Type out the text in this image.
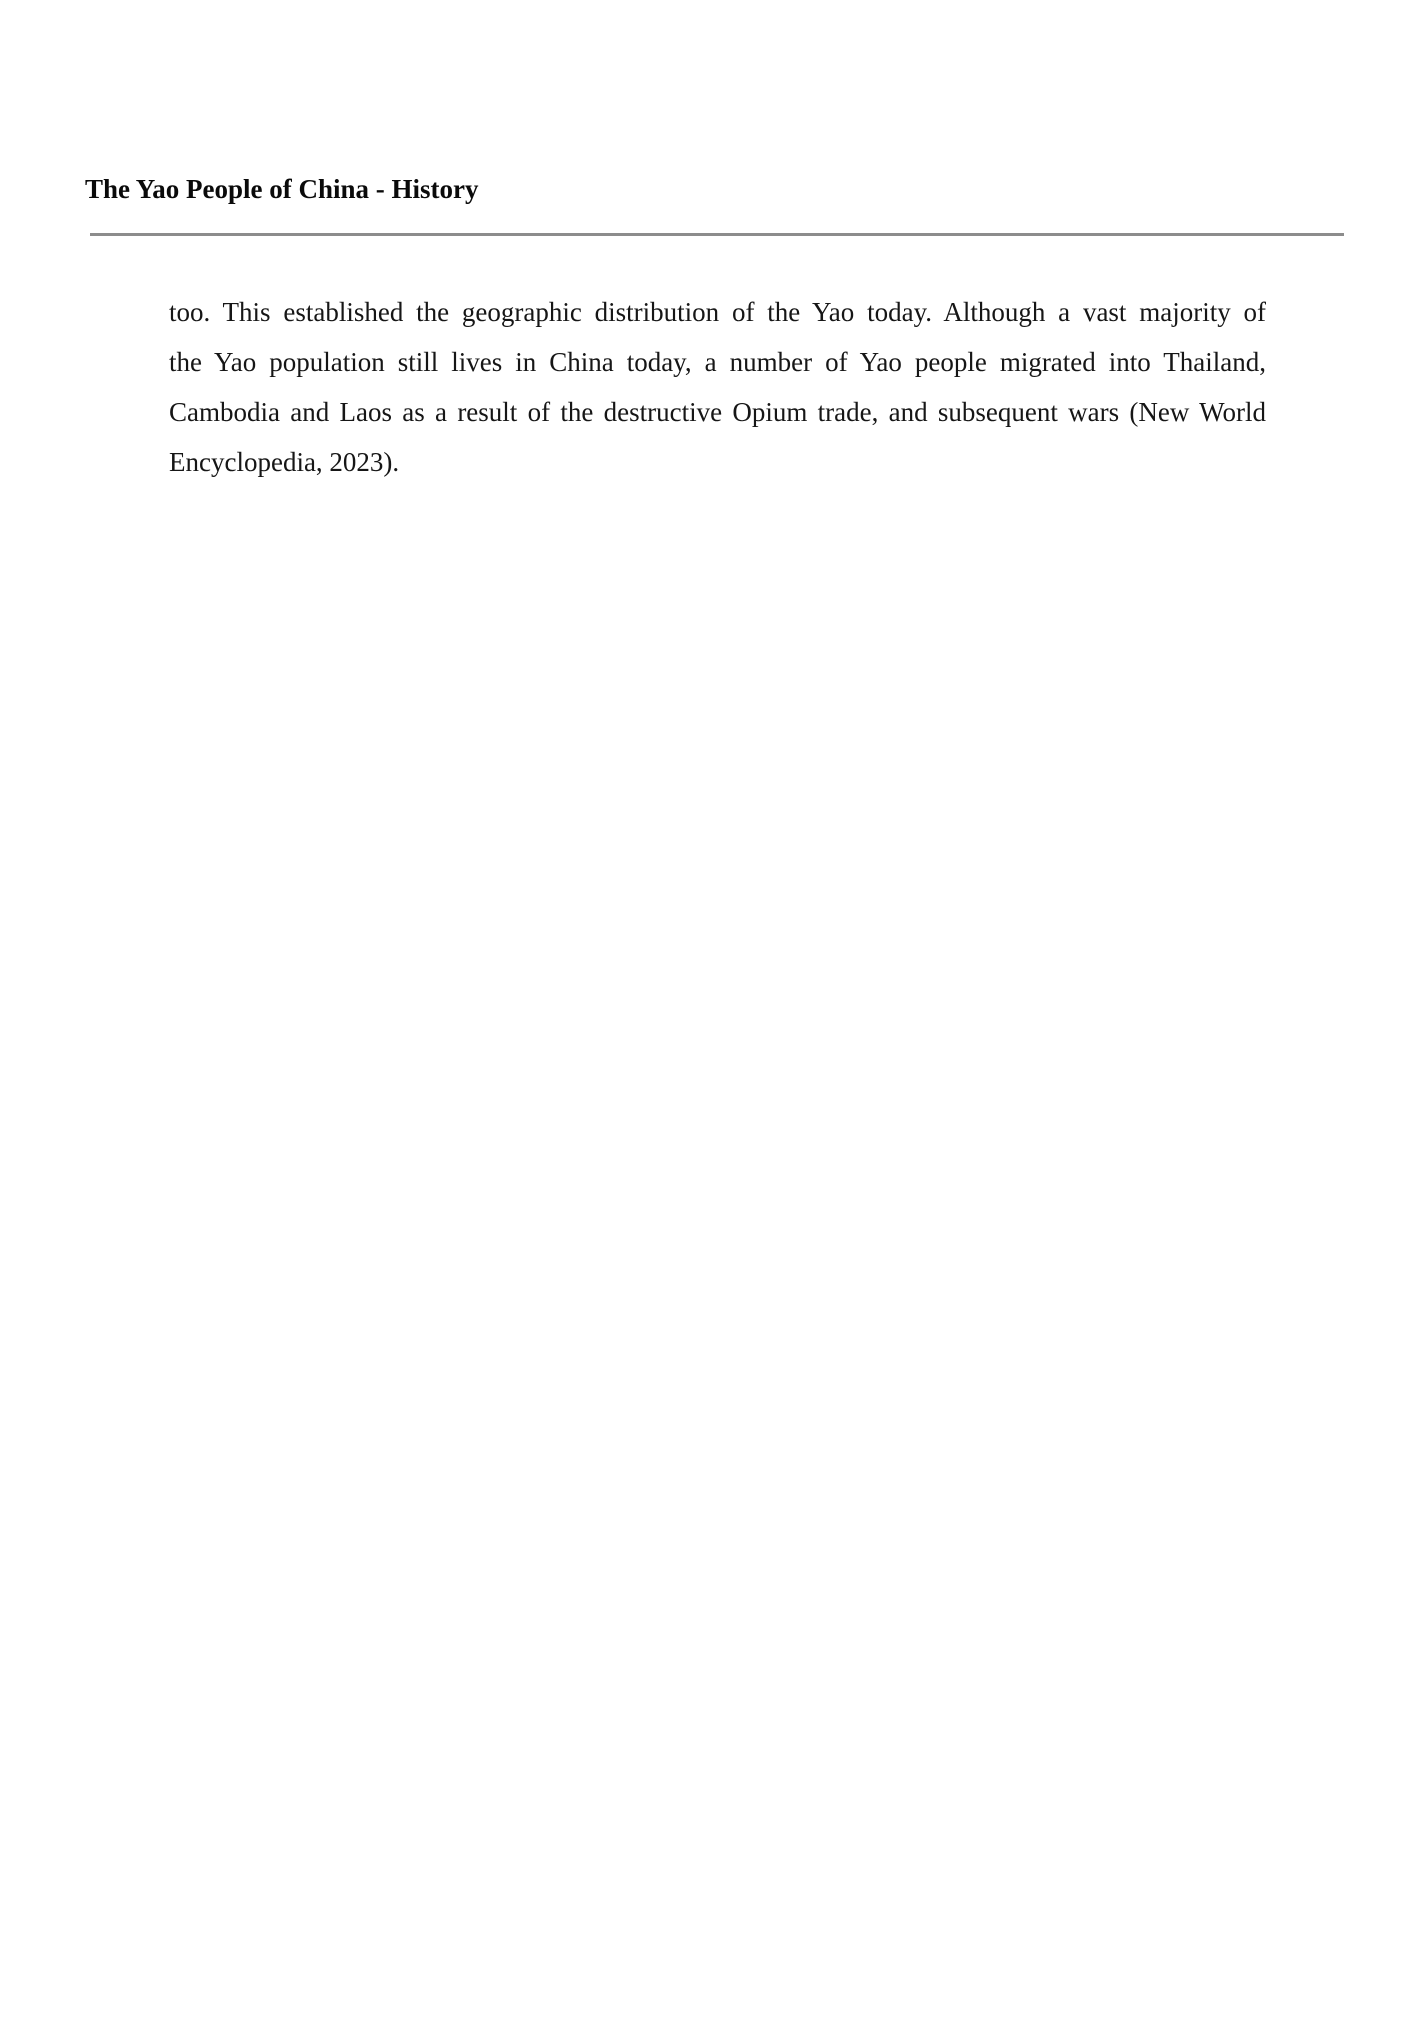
The Yao People of China - History
too. This established the geographic distribution of the Yao today. Although a vast majority of
the Yao population still lives in China today, a number of Yao people migrated into Thailand,
Cambodia and Laos as a result of the destructive Opium trade, and subsequent wars (New World
Encyclopedia, 2023).
